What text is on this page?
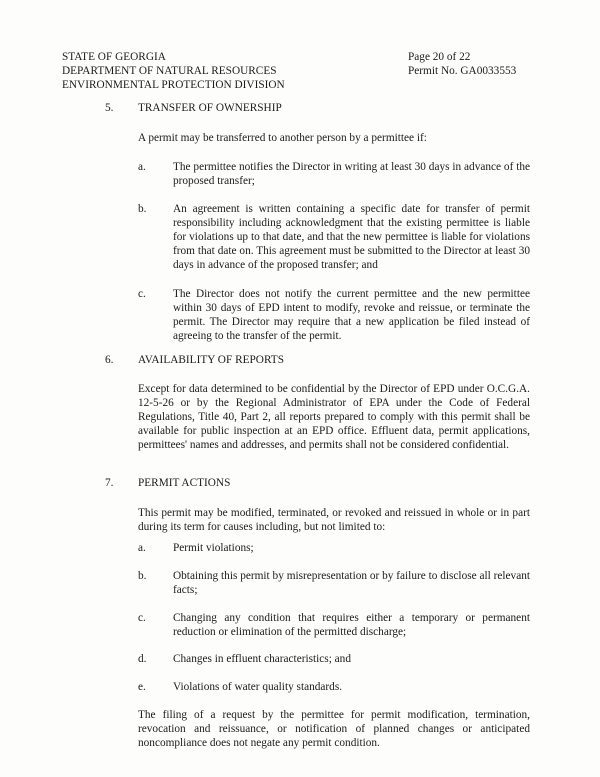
STATE OF GEORGIA
DEPARTMENT OF NATURAL RESOURCES
ENVIRONMENTAL PROTECTION DIVISION
Page 20 of 22
Permit No. GA0033553
5.	TRANSFER OF OWNERSHIP
A permit may be transferred to another person by a permittee if:
a. The permittee notifies the Director in writing at least 30 days in advance of the proposed transfer;
b. An agreement is written containing a specific date for transfer of permit responsibility including acknowledgment that the existing permittee is liable for violations up to that date, and that the new permittee is liable for violations from that date on. This agreement must be submitted to the Director at least 30 days in advance of the proposed transfer; and
c. The Director does not notify the current permittee and the new permittee within 30 days of EPD intent to modify, revoke and reissue, or terminate the permit. The Director may require that a new application be filed instead of agreeing to the transfer of the permit.
6.	AVAILABILITY OF REPORTS
Except for data determined to be confidential by the Director of EPD under O.C.G.A. 12-5-26 or by the Regional Administrator of EPA under the Code of Federal Regulations, Title 40, Part 2, all reports prepared to comply with this permit shall be available for public inspection at an EPD office. Effluent data, permit applications, permittees' names and addresses, and permits shall not be considered confidential.
7.	PERMIT ACTIONS
This permit may be modified, terminated, or revoked and reissued in whole or in part during its term for causes including, but not limited to:
a. Permit violations;
b. Obtaining this permit by misrepresentation or by failure to disclose all relevant facts;
c. Changing any condition that requires either a temporary or permanent reduction or elimination of the permitted discharge;
d. Changes in effluent characteristics; and
e. Violations of water quality standards.
The filing of a request by the permittee for permit modification, termination, revocation and reissuance, or notification of planned changes or anticipated noncompliance does not negate any permit condition.
